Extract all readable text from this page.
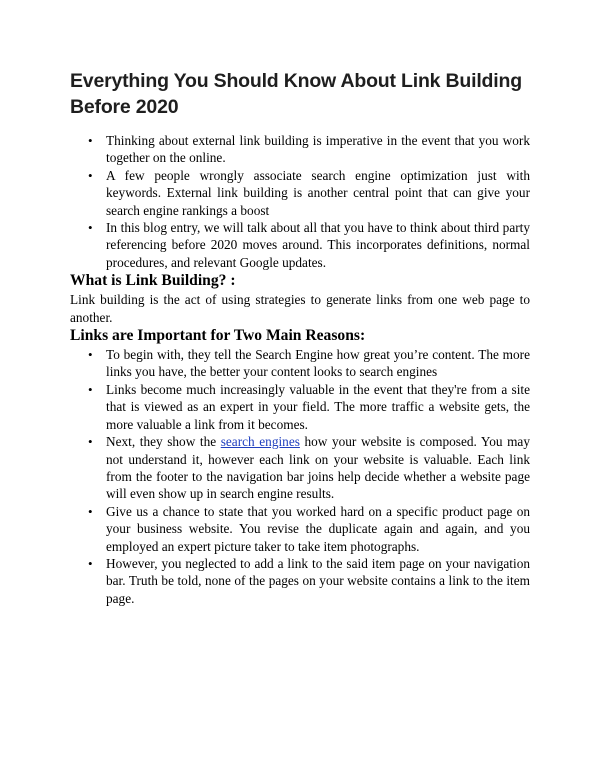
Everything You Should Know About Link Building Before 2020
• Thinking about external link building is imperative in the event that you work together on the online.
• A few people wrongly associate search engine optimization just with keywords. External link building is another central point that can give your search engine rankings a boost
• In this blog entry, we will talk about all that you have to think about third party referencing before 2020 moves around. This incorporates definitions, normal procedures, and relevant Google updates.
What is Link Building? :

Link building is the act of using strategies to generate links from one web page to another.

Links are Important for Two Main Reasons:
• To begin with, they tell the Search Engine how great you’re content. The more links you have, the better your content looks to search engines
• Links become much increasingly valuable in the event that they're from a site that is viewed as an expert in your field. The more traffic a website gets, the more valuable a link from it becomes.
• Next, they show the search engines how your website is composed. You may not understand it, however each link on your website is valuable. Each link from the footer to the navigation bar joins help decide whether a website page will even show up in search engine results.
• Give us a chance to state that you worked hard on a specific product page on your business website. You revise the duplicate again and again, and you employed an expert picture taker to take item photographs.
• However, you neglected to add a link to the said item page on your navigation bar. Truth be told, none of the pages on your website contains a link to the item page.
